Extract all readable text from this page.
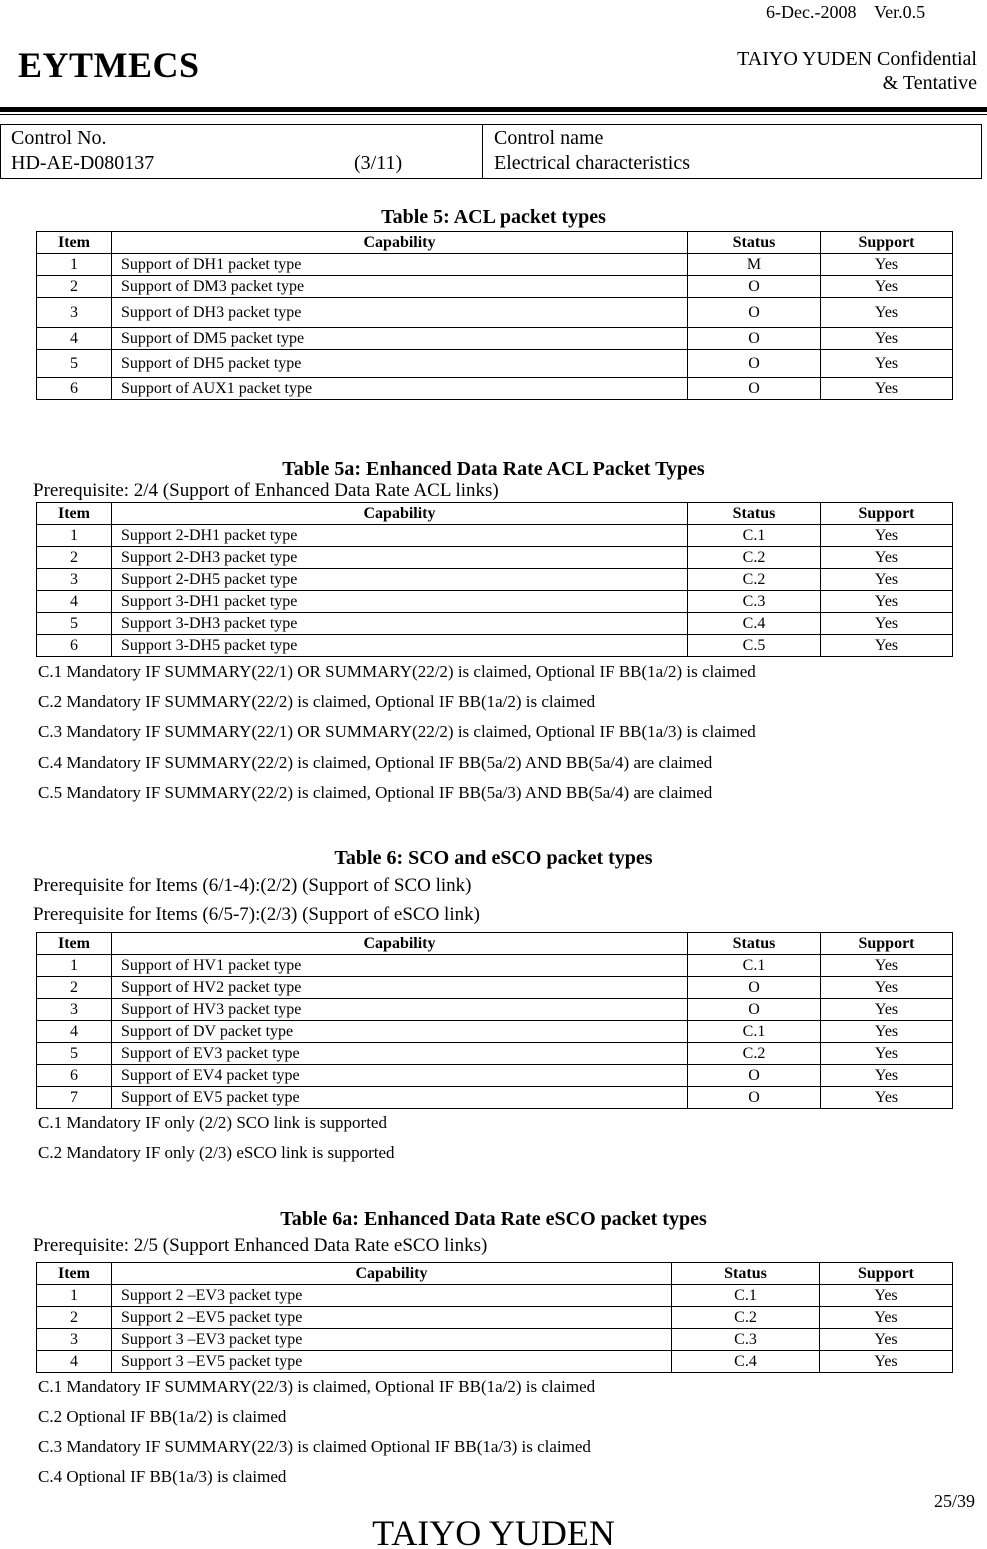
6-Dec.-2008    Ver.0.5
EYTMECS	TAIYO YUDEN Confidential
& Tentative
Control No.
HD-AE-D080137	(3/11)
Control name
Electrical characteristics
Table 5: ACL packet types
Item	Capability	Status	Support
1	Support of DH1 packet type	M	Yes
2	Support of DM3 packet type	O	Yes
3	Support of DH3 packet type	O	Yes
4	Support of DM5 packet type	O	Yes
5	Support of DH5 packet type	O	Yes
6	Support of AUX1 packet type	O	Yes
Table 5a: Enhanced Data Rate ACL Packet Types
Prerequisite: 2/4 (Support of Enhanced Data Rate ACL links)
Item	Capability	Status	Support
1	Support 2-DH1 packet type	C.1	Yes
2	Support 2-DH3 packet type	C.2	Yes
3	Support 2-DH5 packet type	C.2	Yes
4	Support 3-DH1 packet type	C.3	Yes
5	Support 3-DH3 packet type	C.4	Yes
6	Support 3-DH5 packet type	C.5	Yes
C.1 Mandatory IF SUMMARY(22/1) OR SUMMARY(22/2) is claimed, Optional IF BB(1a/2) is claimed
C.2 Mandatory IF SUMMARY(22/2) is claimed, Optional IF BB(1a/2) is claimed
C.3 Mandatory IF SUMMARY(22/1) OR SUMMARY(22/2) is claimed, Optional IF BB(1a/3) is claimed
C.4 Mandatory IF SUMMARY(22/2) is claimed, Optional IF BB(5a/2) AND BB(5a/4) are claimed
C.5 Mandatory IF SUMMARY(22/2) is claimed, Optional IF BB(5a/3) AND BB(5a/4) are claimed
Table 6: SCO and eSCO packet types
Prerequisite for Items (6/1-4):(2/2) (Support of SCO link)
Prerequisite for Items (6/5-7):(2/3) (Support of eSCO link)
Item	Capability	Status	Support
1	Support of HV1 packet type	C.1	Yes
2	Support of HV2 packet type	O	Yes
3	Support of HV3 packet type	O	Yes
4	Support of DV packet type	C.1	Yes
5	Support of EV3 packet type	C.2	Yes
6	Support of EV4 packet type	O	Yes
7	Support of EV5 packet type	O	Yes
C.1 Mandatory IF only (2/2) SCO link is supported
C.2 Mandatory IF only (2/3) eSCO link is supported
Table 6a: Enhanced Data Rate eSCO packet types
Prerequisite: 2/5 (Support Enhanced Data Rate eSCO links)
Item	Capability	Status	Support
1	Support 2 –EV3 packet type	C.1	Yes
2	Support 2 –EV5 packet type	C.2	Yes
3	Support 3 –EV3 packet type	C.3	Yes
4	Support 3 –EV5 packet type	C.4	Yes
C.1 Mandatory IF SUMMARY(22/3) is claimed, Optional IF BB(1a/2) is claimed
C.2 Optional IF BB(1a/2) is claimed
C.3 Mandatory IF SUMMARY(22/3) is claimed Optional IF BB(1a/3) is claimed
C.4 Optional IF BB(1a/3) is claimed
25/39
TAIYO YUDEN
